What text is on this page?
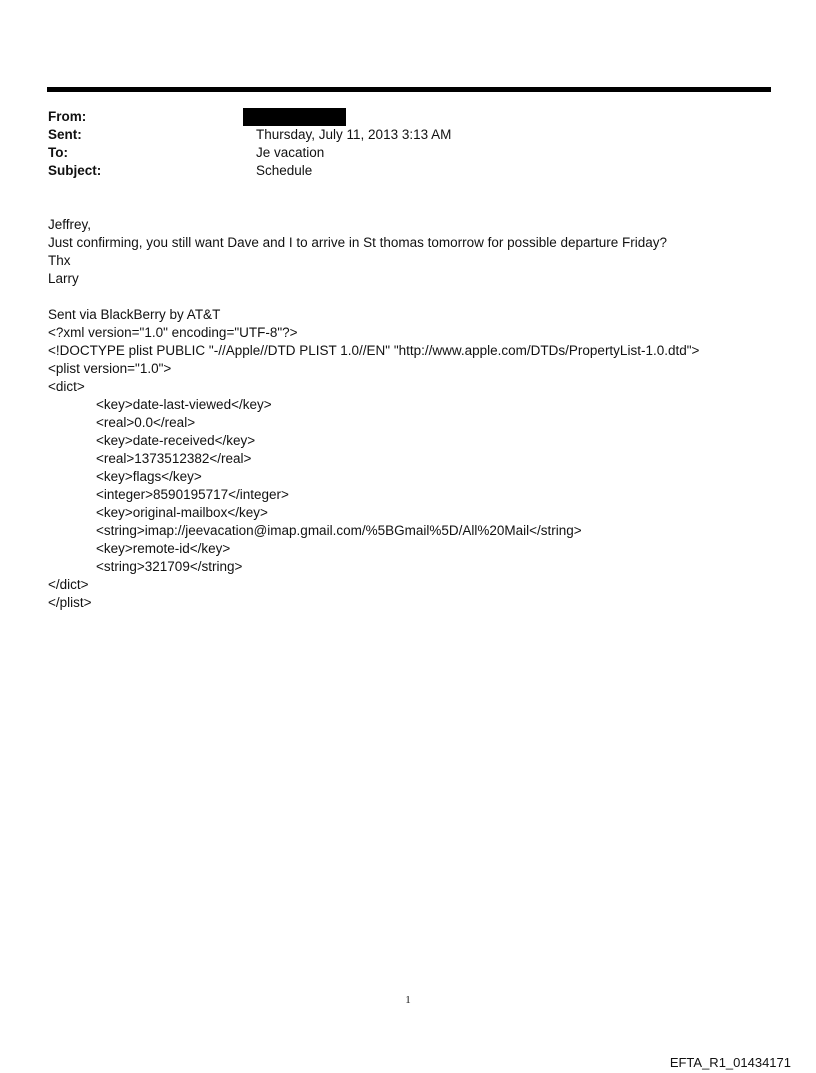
From:
Sent:	Thursday, July 11, 2013 3:13 AM
To:	Je vacation
Subject:	Schedule
Jeffrey,
Just confirming, you still want Dave and I to arrive in St thomas tomorrow for possible departure Friday?
Thx
Larry
Sent via BlackBerry by AT&T
<?xml version="1.0" encoding="UTF-8"?>
<!DOCTYPE plist PUBLIC "-//Apple//DTD PLIST 1.0//EN" "http://www.apple.com/DTDs/PropertyList-1.0.dtd">
<plist version="1.0">
<dict>
<key>date-last-viewed</key>
<real>0.0</real>
<key>date-received</key>
<real>1373512382</real>
<key>flags</key>
<integer>8590195717</integer>
<key>original-mailbox</key>
<string>imap://jeevacation@imap.gmail.com/%5BGmail%5D/All%20Mail</string>
<key>remote-id</key>
<string>321709</string>
</dict>
</plist>
1
EFTA_R1_01434171
